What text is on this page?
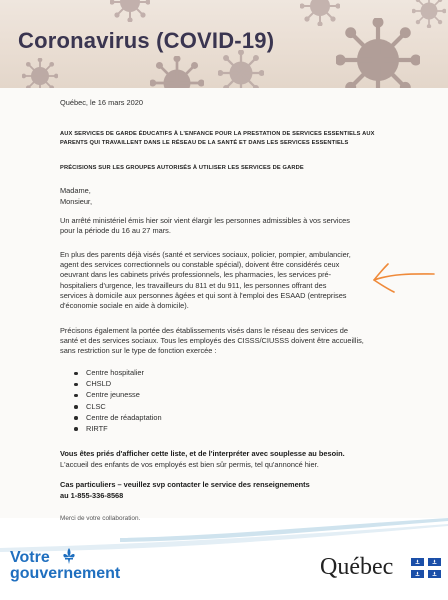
Coronavirus (COVID-19)
Québec, le 16 mars 2020
AUX SERVICES DE GARDE ÉDUCATIFS À L'ENFANCE POUR LA PRESTATION DE SERVICES ESSENTIELS AUX
PARENTS QUI TRAVAILLENT DANS LE RÉSEAU DE LA SANTÉ ET DANS LES SERVICES ESSENTIELS
PRÉCISIONS SUR LES GROUPES AUTORISÉS À UTILISER LES SERVICES DE GARDE
Madame,
Monsieur,
Un arrêté ministériel émis hier soir vient élargir les personnes admissibles à vos services
pour la période du 16 au 27 mars.
En plus des parents déjà visés (santé et services sociaux, policier, pompier, ambulancier,
agent des services correctionnels ou constable spécial), doivent être considérés ceux
oeuvrant dans les cabinets privés professionnels, les pharmacies, les services pré-
hospitaliers d'urgence, les travailleurs du 811 et du 911, les personnes offrant des
services à domicile aux personnes âgées et qui sont à l'emploi des ESAAD (entreprises
d'économie sociale en aide à domicile).
Précisons également la portée des établissements visés dans le réseau des services de
santé et des services sociaux. Tous les employés des CISSS/CIUSSS doivent être accueillis,
sans restriction sur le type de fonction exercée :
Centre hospitalier
CHSLD
Centre jeunesse
CLSC
Centre de réadaptation
RIRTF
Vous êtes priés d'afficher cette liste, et de l'interpréter avec souplesse au besoin.
L'accueil des enfants de vos employés est bien sûr permis, tel qu'annoncé hier.
Cas particuliers – veuillez svp contacter le service des renseignements
au 1-855-336-8568
Merci de votre collaboration.
Votre
gouvernement	Québec
